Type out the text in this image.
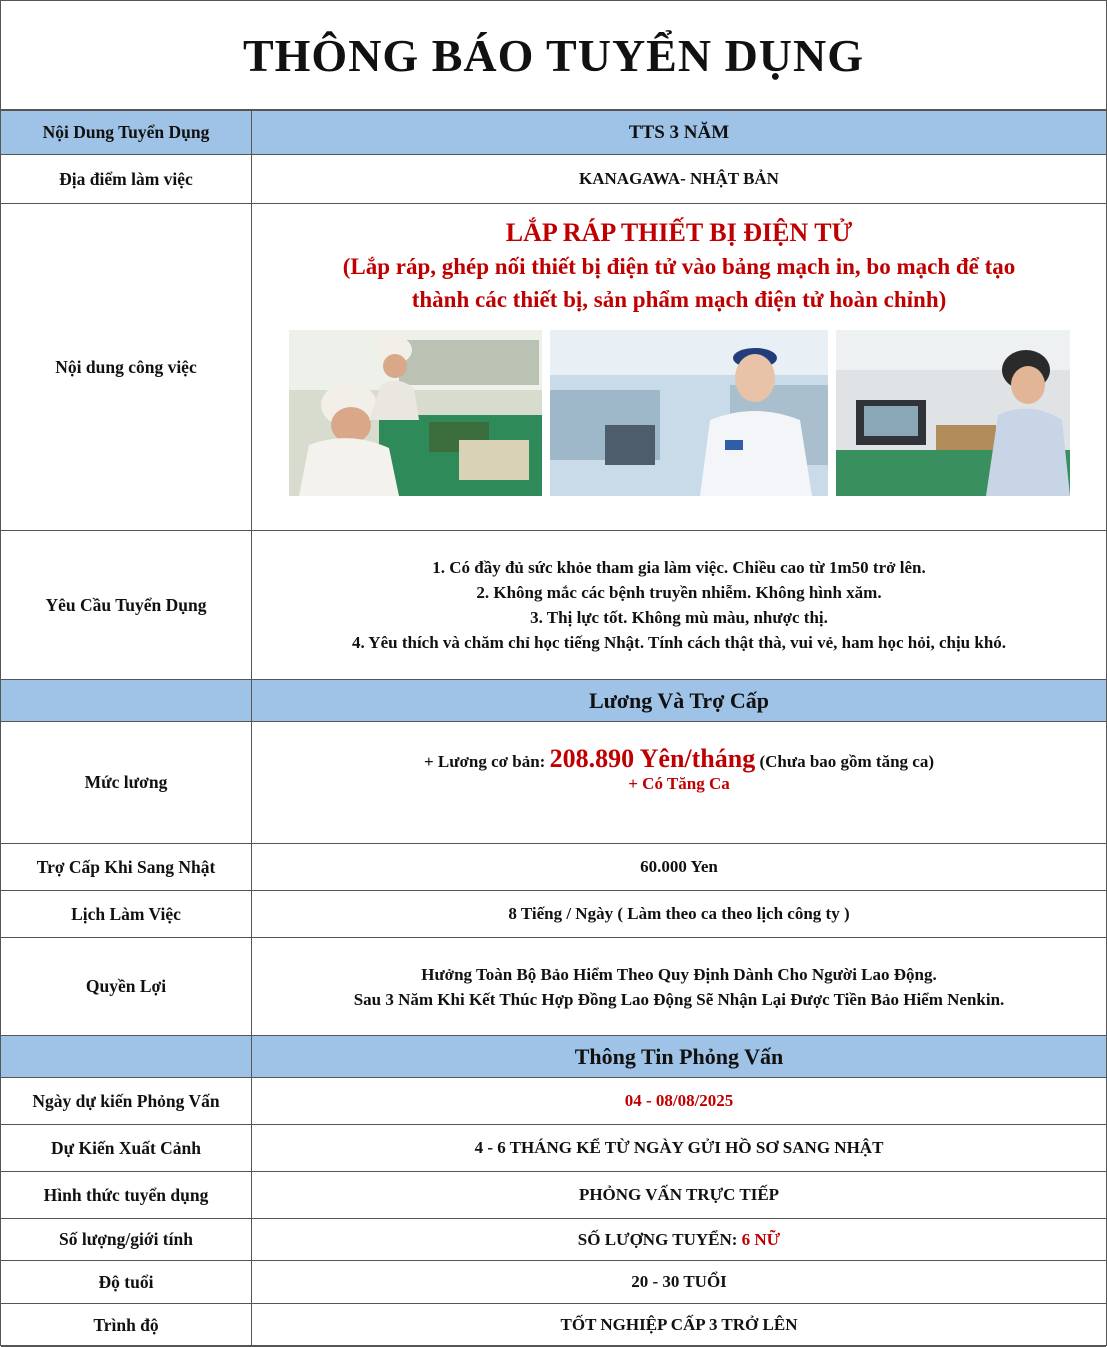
THÔNG BÁO TUYỂN DỤNG
Nội Dung Tuyển Dụng	TTS 3 NĂM
Địa điểm làm việc	KANAGAWA- NHẬT BẢN
Nội dung công việc	LẮP RÁP THIẾT BỊ ĐIỆN TỬ
(Lắp ráp, ghép nối thiết bị điện tử vào bảng mạch in, bo mạch để tạo
thành các thiết bị, sản phẩm mạch điện tử hoàn chỉnh)

Yêu Cầu Tuyển Dụng	1. Có đầy đủ sức khỏe tham gia làm việc. Chiều cao từ 1m50 trở lên.
2. Không mắc các bệnh truyền nhiễm. Không hình xăm.
3. Thị lực tốt. Không mù màu, nhược thị.
4. Yêu thích và chăm chỉ học tiếng Nhật. Tính cách thật thà, vui vẻ, ham học hỏi, chịu khó.

	Lương Và Trợ Cấp
Mức lương	+ Lương cơ bản: 208.890 Yên/tháng (Chưa bao gồm tăng ca)
+ Có Tăng Ca

Trợ Cấp Khi Sang Nhật	60.000 Yen
Lịch Làm Việc	8 Tiếng / Ngày ( Làm theo ca theo lịch công ty )
Quyền Lợi	Hưởng Toàn Bộ Bảo Hiểm Theo Quy Định Dành Cho Người Lao Động.
Sau 3 Năm Khi Kết Thúc Hợp Đồng Lao Động Sẽ Nhận Lại Được Tiền Bảo Hiểm Nenkin.

	Thông Tin Phỏng Vấn
Ngày dự kiến Phỏng Vấn	04 - 08/08/2025
Dự Kiến Xuất Cảnh	4 - 6 THÁNG KỂ TỪ NGÀY GỬI HỒ SƠ SANG NHẬT
Hình thức tuyển dụng	PHỎNG VẤN TRỰC TIẾP
Số lượng/giới tính	SỐ LƯỢNG TUYỂN: 6 NỮ
Độ tuổi	20 - 30 TUỔI
Trình độ	TỐT NGHIỆP CẤP 3 TRỞ LÊN
